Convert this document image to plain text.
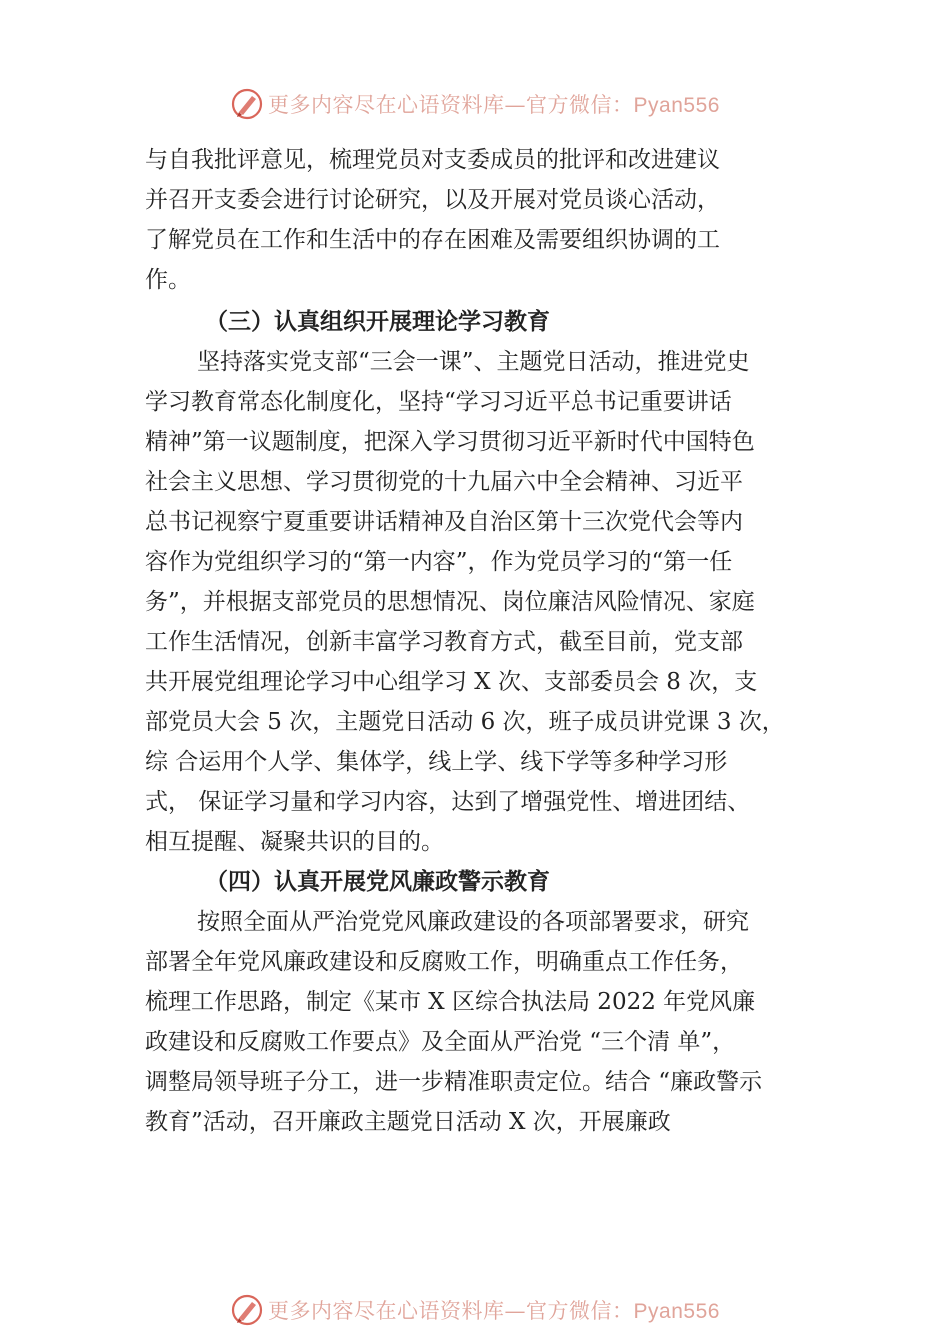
更多内容尽在心语资料库—官方微信：Pyan556
与自我批评意见，梳理党员对支委成员的批评和改进建议
并召开支委会进行讨论研究，以及开展对党员谈心活动，
了解党员在工作和生活中的存在困难及需要组织协调的工
作。
（三）认真组织开展理论学习教育
坚持落实党支部“三会一课”、主题党日活动，推进党史
学习教育常态化制度化，坚持“学习习近平总书记重要讲话
精神”第一议题制度，把深入学习贯彻习近平新时代中国特色
社会主义思想、学习贯彻党的十九届六中全会精神、习近平
总书记视察宁夏重要讲话精神及自治区第十三次党代会等内
容作为党组织学习的“第一内容”，作为党员学习的“第一任
务”，并根据支部党员的思想情况、岗位廉洁风险情况、家庭
工作生活情况，创新丰富学习教育方式，截至目前，党支部
共开展党组理论学习中心组学习 X 次、支部委员会 8 次，支
部党员大会 5 次，主题党日活动 6 次，班子成员讲党课 3 次，
综 合运用个人学、集体学，线上学、线下学等多种学习形
式， 保证学习量和学习内容，达到了增强党性、增进团结、
相互提醒、凝聚共识的目的。
（四）认真开展党风廉政警示教育
按照全面从严治党党风廉政建设的各项部署要求，研究
部署全年党风廉政建设和反腐败工作，明确重点工作任务，
梳理工作思路，制定《某市 X 区综合执法局 2022 年党风廉
政建设和反腐败工作要点》及全面从严治党 “三个清 单”，
调整局领导班子分工，进一步精准职责定位。结合 “廉政警示
教育”活动，召开廉政主题党日活动 X 次，开展廉政
更多内容尽在心语资料库—官方微信：Pyan556
